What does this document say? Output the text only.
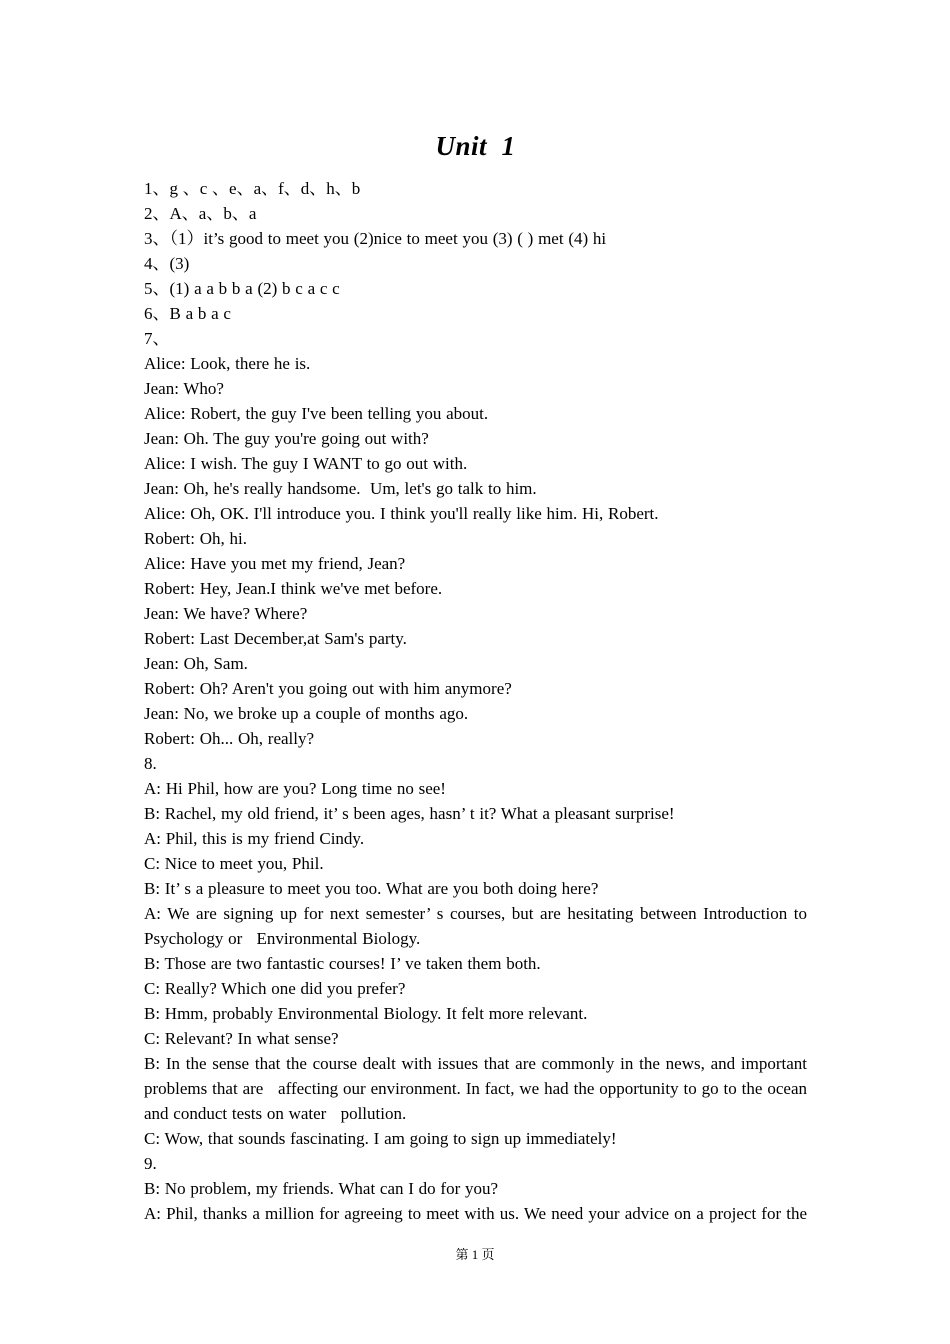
Unit  1

1、g 、c 、e、a、f、d、h、b

2、A、a、b、a

3、（1）it’s good to meet you (2)nice to meet you (3) ( ) met (4) hi

4、(3)

5、(1) a a b b a (2) b c a c c

6、B a b a c

7、

Alice: Look, there he is.

Jean: Who?

Alice: Robert, the guy I've been telling you about.

Jean: Oh. The guy you're going out with?

Alice: I wish. The guy I WANT to go out with.

Jean: Oh, he's really handsome.  Um, let's go talk to him.

Alice: Oh, OK. I'll introduce you. I think you'll really like him. Hi, Robert.

Robert: Oh, hi.

Alice: Have you met my friend, Jean?

Robert: Hey, Jean.I think we've met before.

Jean: We have? Where?

Robert: Last December,at Sam's party.

Jean: Oh, Sam.

Robert: Oh? Aren't you going out with him anymore?

Jean: No, we broke up a couple of months ago.

Robert: Oh... Oh, really?

8.

A: Hi Phil, how are you? Long time no see!

B: Rachel, my old friend, it’ s been ages, hasn’ t it? What a pleasant surprise!

A: Phil, this is my friend Cindy.

C: Nice to meet you, Phil.

B: It’ s a pleasure to meet you too. What are you both doing here?

A: We are signing up for next semester’ s courses, but are hesitating between Introduction to Psychology or   Environmental Biology.

B: Those are two fantastic courses! I’ ve taken them both.

C: Really? Which one did you prefer?

B: Hmm, probably Environmental Biology. It felt more relevant.

C: Relevant? In what sense?

B: In the sense that the course dealt with issues that are commonly in the news, and important problems that are   affecting our environment. In fact, we had the opportunity to go to the ocean and conduct tests on water   pollution.

C: Wow, that sounds fascinating. I am going to sign up immediately!

9.

B: No problem, my friends. What can I do for you?

A: Phil, thanks a million for agreeing to meet with us. We need your advice on a project for the

第 1 页
